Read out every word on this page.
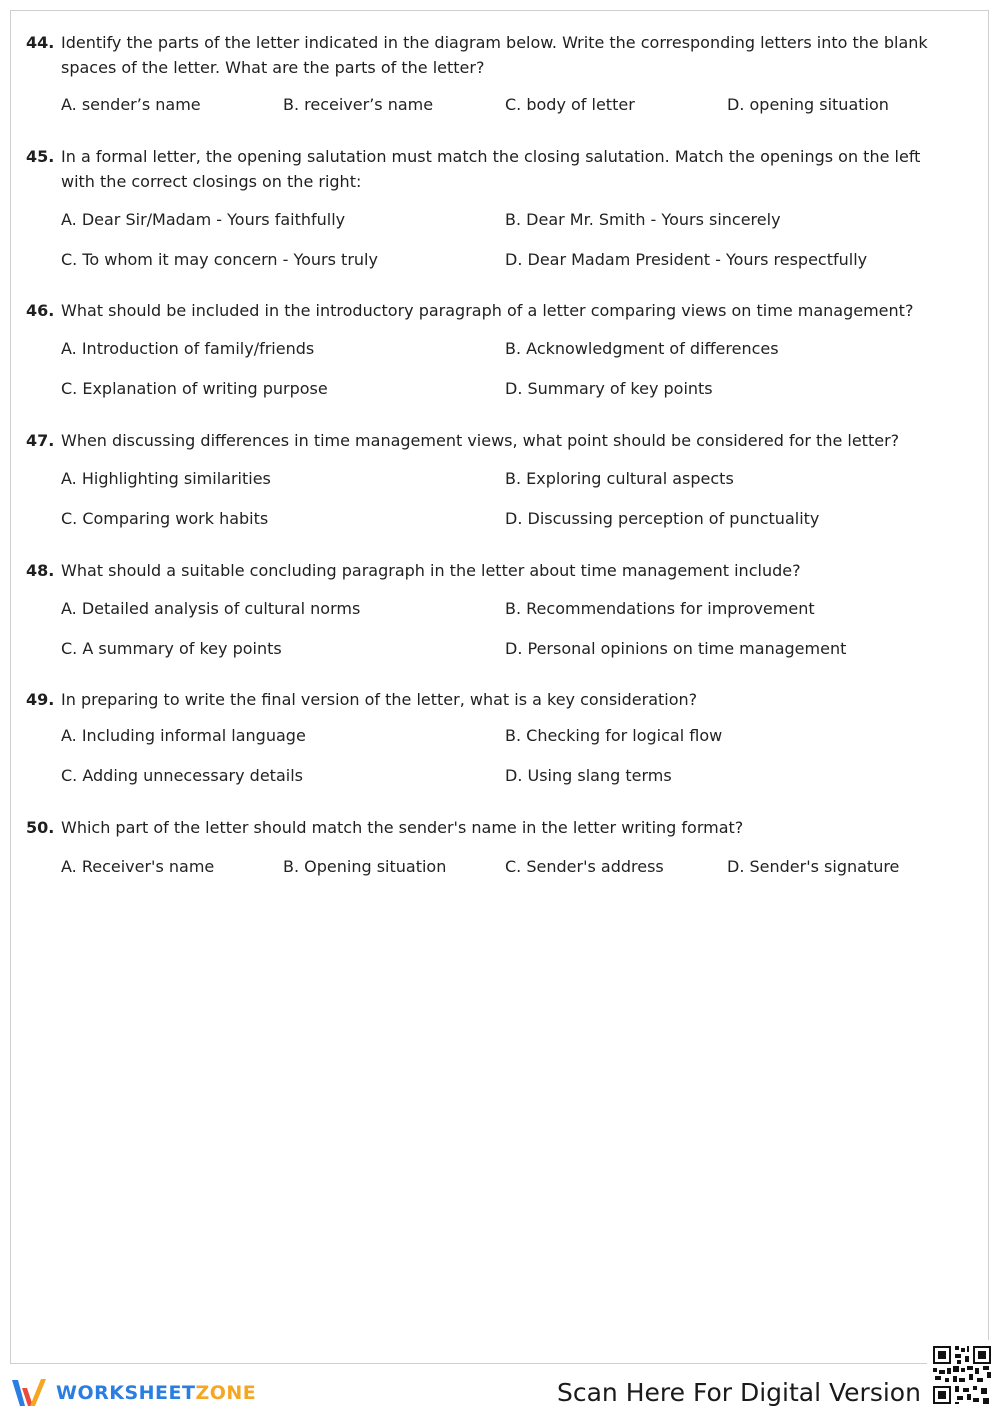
44. Identify the parts of the letter indicated in the diagram below. Write the corresponding letters into the blank spaces of the letter. What are the parts of the letter?
A. sender’s name	B. receiver’s name	C. body of letter	D. opening situation
45. In a formal letter, the opening salutation must match the closing salutation. Match the openings on the left with the correct closings on the right:
A. Dear Sir/Madam - Yours faithfully	B. Dear Mr. Smith - Yours sincerely
C. To whom it may concern - Yours truly	D. Dear Madam President - Yours respectfully
46. What should be included in the introductory paragraph of a letter comparing views on time management?
A. Introduction of family/friends	B. Acknowledgment of differences
C. Explanation of writing purpose	D. Summary of key points
47. When discussing differences in time management views, what point should be considered for the letter?
A. Highlighting similarities	B. Exploring cultural aspects
C. Comparing work habits	D. Discussing perception of punctuality
48. What should a suitable concluding paragraph in the letter about time management include?
A. Detailed analysis of cultural norms	B. Recommendations for improvement
C. A summary of key points	D. Personal opinions on time management
49. In preparing to write the final version of the letter, what is a key consideration?
A. Including informal language	B. Checking for logical flow
C. Adding unnecessary details	D. Using slang terms
50. Which part of the letter should match the sender's name in the letter writing format?
A. Receiver's name	B. Opening situation	C. Sender's address	D. Sender's signature
WORKSHEETZONE	Scan Here For Digital Version
